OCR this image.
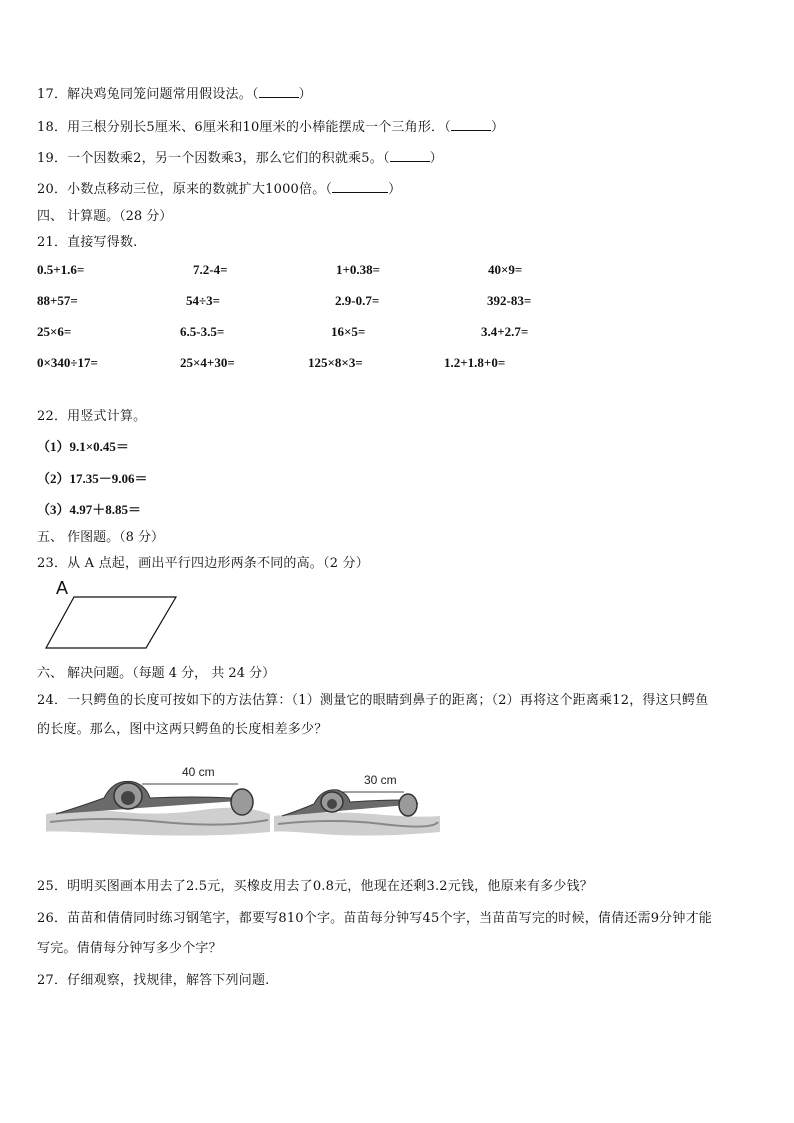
17．解决鸡兔同笼问题常用假设法。（	）
18．用三根分别长5厘米、6厘米和10厘米的小棒能摆成一个三角形．（	）
19．一个因数乘2，另一个因数乘3，那么它们的积就乘5。（	）
20．小数点移动三位，原来的数就扩大1000倍。（	）
四、 计算题。（28 分）
21．直接写得数.
0.5+1.6=	7.2-4=	1+0.38=	40×9=
88+57=	54÷3=	2.9-0.7=	392-83=
25×6=	6.5-3.5=	16×5=	3.4+2.7=
0×340÷17=	25×4+30=	125×8×3=	1.2+1.8+0=
22．用竖式计算。
（1）9.1×0.45＝
（2）17.35－9.06＝
（3）4.97＋8.85＝
五、 作图题。（8 分）
23．从 A 点起，画出平行四边形两条不同的高。（2 分）
A
六、 解决问题。（每题 4 分， 共 24 分）
24．一只鳄鱼的长度可按如下的方法估算：（1）测量它的眼睛到鼻子的距离；（2）再将这个距离乘12，得这只鳄鱼
的长度。那么，图中这两只鳄鱼的长度相差多少？
40 cm
30 cm
25．明明买图画本用去了2.5元，买橡皮用去了0.8元，他现在还剩3.2元钱，他原来有多少钱？
26．苗苗和倩倩同时练习钢笔字，都要写810个字。苗苗每分钟写45个字，当苗苗写完的时候，倩倩还需9分钟才能
写完。倩倩每分钟写多少个字？
27．仔细观察，找规律，解答下列问题.
